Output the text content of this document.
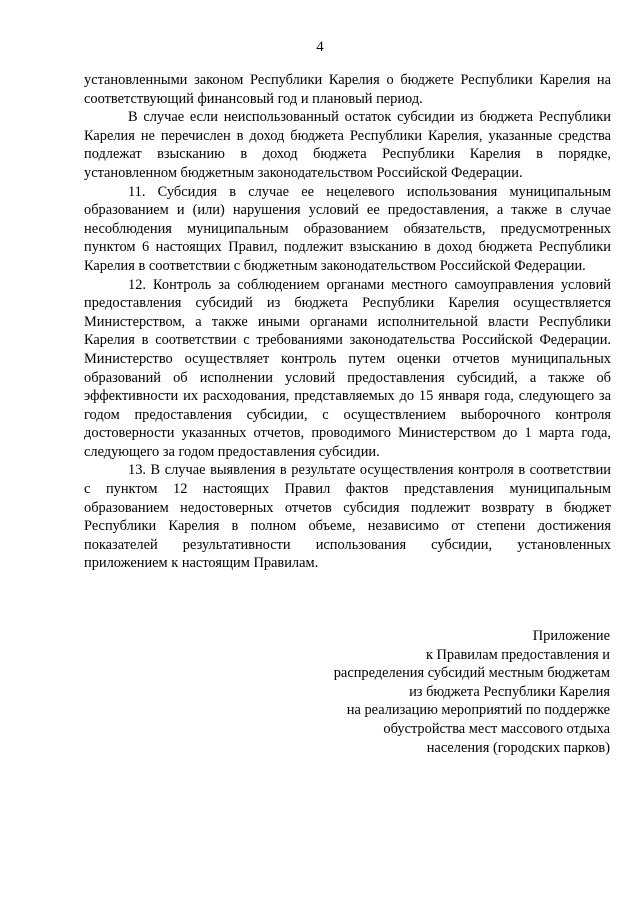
4

установленными законом Республики Карелия о бюджете Республики Карелия на соответствующий финансовый год и плановый период.

В случае если неиспользованный остаток субсидии из бюджета Республики Карелия не перечислен в доход бюджета Республики Карелия, указанные средства подлежат взысканию в доход бюджета Республики Карелия в порядке, установленном бюджетным законодательством Российской Федерации.

11. Субсидия в случае ее нецелевого использования муниципальным образованием и (или) нарушения условий ее предоставления, а также в случае несоблюдения муниципальным образованием обязательств, предусмотренных пунктом 6 настоящих Правил, подлежит взысканию в доход бюджета Республики Карелия в соответствии с бюджетным законодательством Российской Федерации.

12. Контроль за соблюдением органами местного самоуправления условий предоставления субсидий из бюджета Республики Карелия осуществляется Министерством, а также иными органами исполнительной власти Республики Карелия в соответствии с требованиями законодательства Российской Федерации. Министерство осуществляет контроль путем оценки отчетов муниципальных образований об исполнении условий предоставления субсидий, а также об эффективности их расходования, представляемых до 15 января года, следующего за годом предоставления субсидии, с осуществлением выборочного контроля достоверности указанных отчетов, проводимого Министерством до 1 марта года, следующего за годом предоставления субсидии.

13. В случае выявления в результате осуществления контроля в соответствии с пунктом 12 настоящих Правил фактов представления муниципальным образованием недостоверных отчетов субсидия подлежит возврату в бюджет Республики Карелия в полном объеме, независимо от степени достижения показателей результативности использования субсидии, установленных приложением к настоящим Правилам.

Приложение
к Правилам предоставления и
распределения субсидий местным бюджетам
из бюджета Республики Карелия
на реализацию мероприятий по поддержке
обустройства мест массового отдыха
населения (городских парков)
